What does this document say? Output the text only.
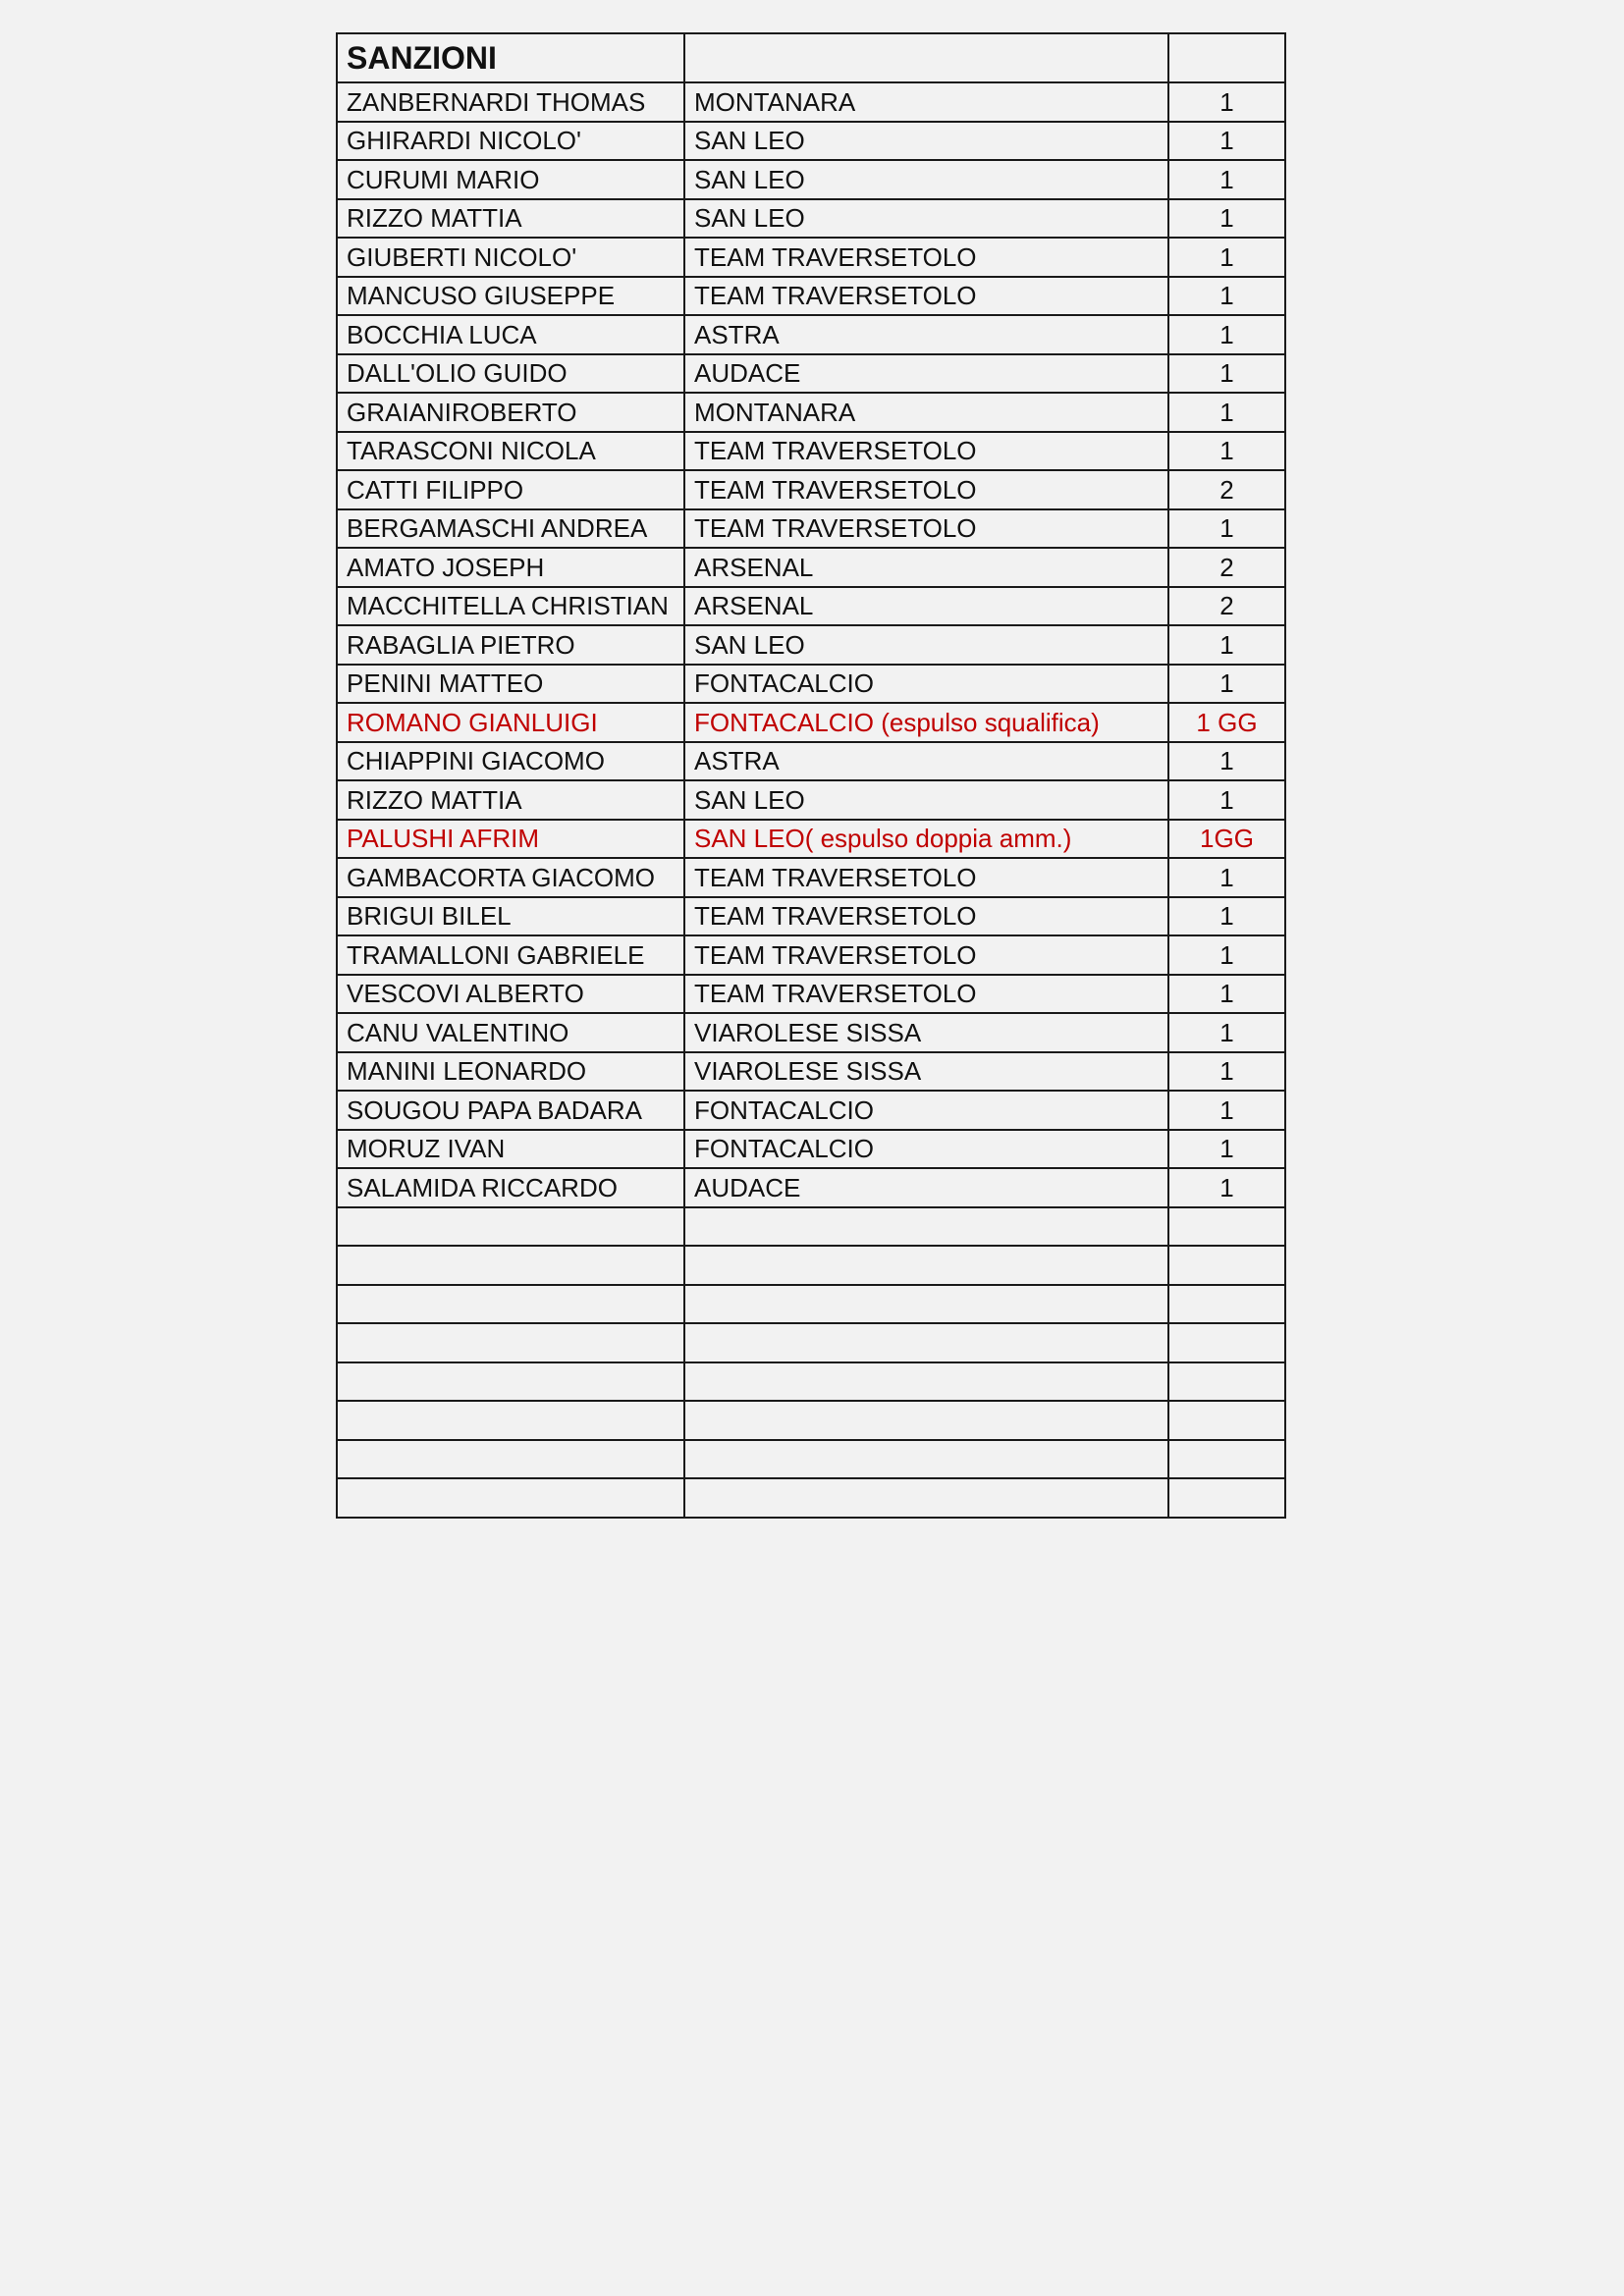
SANZIONI		
ZANBERNARDI THOMAS	MONTANARA	1
GHIRARDI NICOLO'	SAN LEO	1
CURUMI MARIO	SAN LEO	1
RIZZO MATTIA	SAN LEO	1
GIUBERTI NICOLO'	TEAM TRAVERSETOLO	1
MANCUSO GIUSEPPE	TEAM TRAVERSETOLO	1
BOCCHIA LUCA	ASTRA	1
DALL'OLIO GUIDO	AUDACE	1
GRAIANIROBERTO	MONTANARA	1
TARASCONI NICOLA	TEAM TRAVERSETOLO	1
CATTI FILIPPO	TEAM TRAVERSETOLO	2
BERGAMASCHI ANDREA	TEAM TRAVERSETOLO	1
AMATO JOSEPH	ARSENAL	2
MACCHITELLA CHRISTIAN	ARSENAL	2
RABAGLIA PIETRO	SAN LEO	1
PENINI MATTEO	FONTACALCIO	1
ROMANO GIANLUIGI	FONTACALCIO (espulso squalifica)	1 GG
CHIAPPINI GIACOMO	ASTRA	1
RIZZO MATTIA	SAN LEO	1
PALUSHI AFRIM	SAN LEO( espulso doppia amm.)	1GG
GAMBACORTA GIACOMO	TEAM TRAVERSETOLO	1
BRIGUI BILEL	TEAM TRAVERSETOLO	1
TRAMALLONI GABRIELE	TEAM TRAVERSETOLO	1
VESCOVI ALBERTO	TEAM TRAVERSETOLO	1
CANU VALENTINO	VIAROLESE SISSA	1
MANINI LEONARDO	VIAROLESE SISSA	1
SOUGOU PAPA BADARA	FONTACALCIO	1
MORUZ IVAN	FONTACALCIO	1
SALAMIDA RICCARDO	AUDACE	1
